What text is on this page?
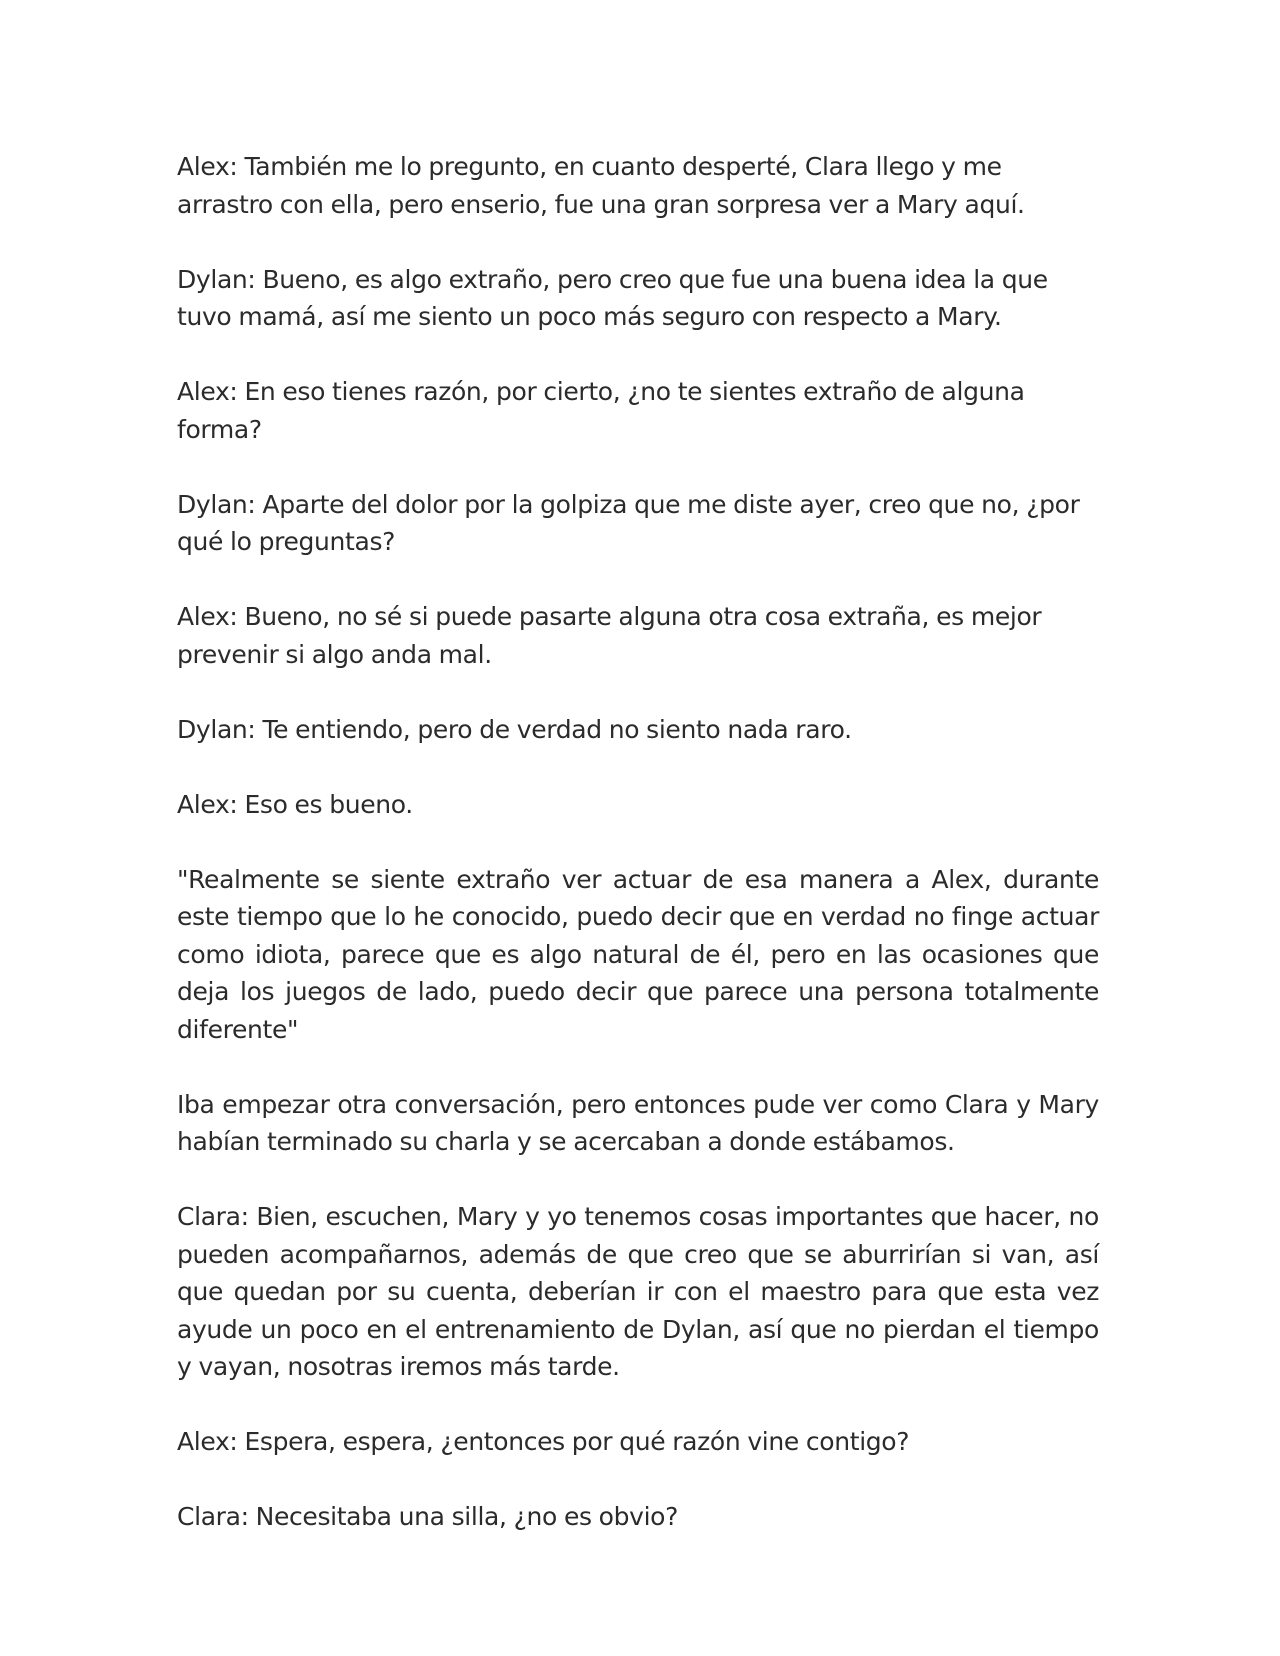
Alex: También me lo pregunto, en cuanto desperté, Clara llego y me arrastro con ella, pero enserio, fue una gran sorpresa ver a Mary aquí.

Dylan: Bueno, es algo extraño, pero creo que fue una buena idea la que tuvo mamá, así me siento un poco más seguro con respecto a Mary.

Alex: En eso tienes razón, por cierto, ¿no te sientes extraño de alguna forma?

Dylan: Aparte del dolor por la golpiza que me diste ayer, creo que no, ¿por qué lo preguntas?

Alex: Bueno, no sé si puede pasarte alguna otra cosa extraña, es mejor prevenir si algo anda mal.

Dylan: Te entiendo, pero de verdad no siento nada raro.

Alex: Eso es bueno.

"Realmente se siente extraño ver actuar de esa manera a Alex, durante este tiempo que lo he conocido, puedo decir que en verdad no finge actuar como idiota, parece que es algo natural de él, pero en las ocasiones que deja los juegos de lado, puedo decir que parece una persona totalmente diferente"

Iba empezar otra conversación, pero entonces pude ver como Clara y Mary habían terminado su charla y se acercaban a donde estábamos.

Clara: Bien, escuchen, Mary y yo tenemos cosas importantes que hacer, no pueden acompañarnos, además de que creo que se aburrirían si van, así que quedan por su cuenta, deberían ir con el maestro para que esta vez ayude un poco en el entrenamiento de Dylan, así que no pierdan el tiempo y vayan, nosotras iremos más tarde.

Alex: Espera, espera, ¿entonces por qué razón vine contigo?

Clara: Necesitaba una silla, ¿no es obvio?
